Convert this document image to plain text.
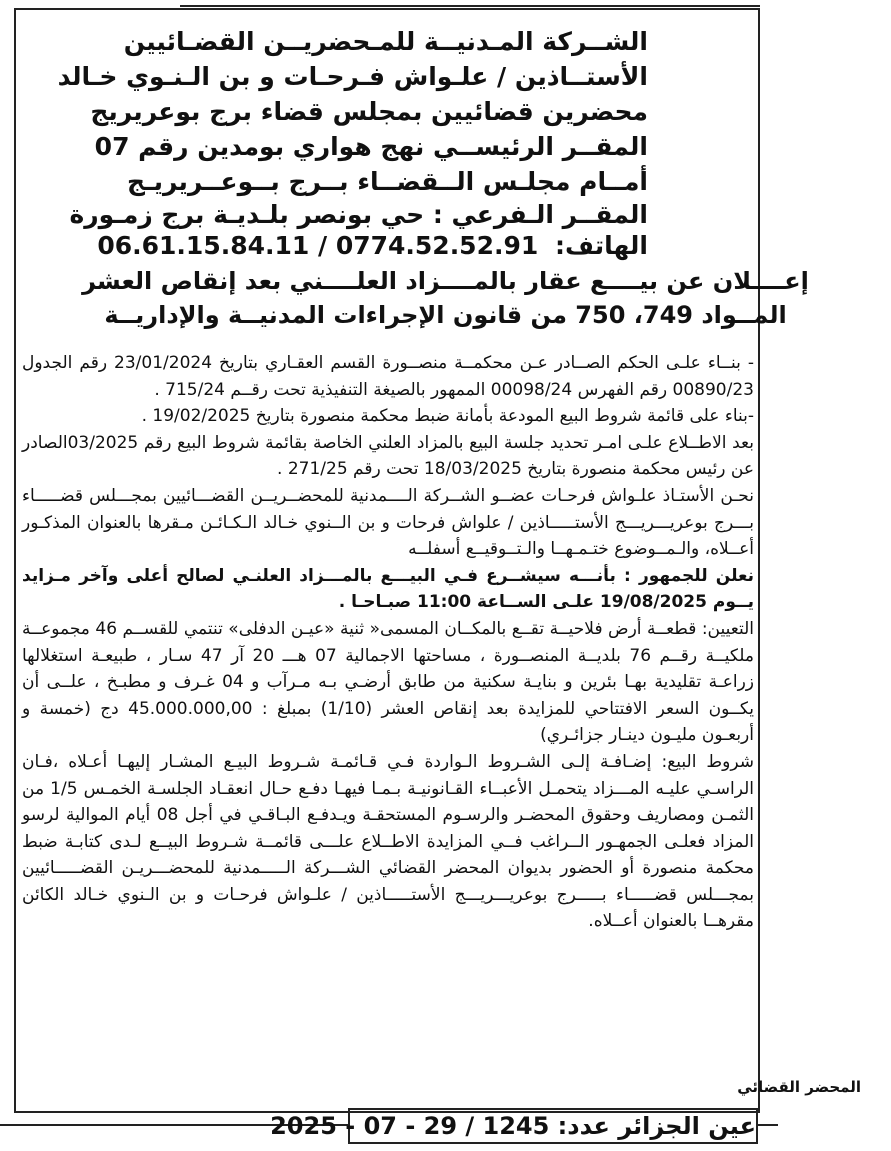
الشــركة المـدنيــة للمـحضريــن القضـائيين
الأستــاذين / علـواش فـرحـات و بن الـنـوي خـالد
محضرين قضائيين بمجلس قضاء برج بوعريريج
المقــر الرئيســي نهج هواري بومدين رقم 07
أمــام مجلـس الــقضــاء بــرج بــوعــريريـج
المقــر الـفرعي : حي بونصر بلـديـة برج زمـورة
الهاتف: 06.61.15.84.11 / 0774.52.52.91
إعــــلان عن بيــــع عقار بالمــــزاد العلــــني بعد إنقاص العشر
المــواد 749، 750 من قانون الإجراءات المدنيــة والإداريــة

- بنــاء علـى الحكم الصــادر عـن محكمــة منصــورة القسم العقـاري بتاريخ 23/01/2024 رقم الجدول 00890/23 رقم الفهرس 00098/24 الممهور بالصيغة التنفيذية تحت رقــم 715/24 .

-بناء على قائمة شروط البيع المودعة بأمانة ضبط محكمة منصورة بتاريخ 19/02/2025 .

بعد الاطــلاع علـى امـر تحديد جلسة البيع بالمزاد العلني الخاصة بقائمة شروط البيع رقم 03/2025الصادر عن رئيس محكمة منصورة بتاريخ 18/03/2025 تحت رقم 271/25 .

نحـن الأستـاذ علـواش فرحـات عضــو الشــركة الــــمدنية للمحضــريــن القضـــائيين بمجـــلس قضـــــاء بـــرج بوعريـــريـــج الأستـــــاذين / علواش فرحات و بن الــنوي خـالد الـكـائـن مـقرها بالعنوان المذكـور أعــلاه، والـمــوضوع ختـمـهــا والـتــوقيــع أسفلــه

نعلن للجمهور : بأنـــه سيشــرع فـي البيـــع بالمـــزاد العلنـي لصالح أعلى وآخر مـزايد يــوم 19/08/2025 علـى الســاعة 11:00 صبـاحـا .

التعيين: قطعــة أرض فلاحيــة تقــع بالمكــان المسمى« ثنية «عيـن الدفلى» تنتمي للقســم 46 مجموعــة ملكيــة رقــم 76 بلديــة المنصــورة ، مساحتها الاجمالية 07 هـــ 20 آر 47 سـار ، طبيعـة استغلالها زراعـة تقليدية بهـا بئرين و بنايـة سكنية من طابق أرضـي بـه مـرآب و 04 غـرف و مطبـخ ، علــى أن يكــون السعر الافتتاحي للمزايدة بعد إنقاص العشر (1/10) بمبلغ : 45.000.000,00 دج (خمسة و أربعـون مليـون دينـار جزائـري)

شروط البيع: إضـافـة إلـى الشـروط الـواردة فـي قـائمـة شـروط البيـع المشـار إليهـا أعـلاه ،فـان الراسـي عليـه المـــزاد يتحمـل الأعبــاء القـانونيـة بـمـا فيهـا دفـع حـال انعقـاد الجلسـة الخمـس 1/5 من الثمـن ومصاريف وحقوق المحضـر والرسـوم المستحقـة ويـدفـع البـاقـي في أجل 08 أيام الموالية لرسو المزاد فعلـى الجمهـور الــراغب فــي المزايدة الاطــلاع علـــى قائمــة شـروط البيــع لـدى كتابـة ضبط محكمة منصورة أو الحضور بديوان المحضر القضائي الشـــركة الـــــمدنية للمحضـــريـن القضـــــائيين بمجـــلس قضـــــاء بـــــرج بوعريـــريـــج الأستـــــاذين / علـواش فرحـات و بن الـنوي خـالد الكائن مقرهــا بالعنوان أعــلاه.

المحضر القضائي
عين الجزائر عدد: 1245 / 29 - 07 - 2025
